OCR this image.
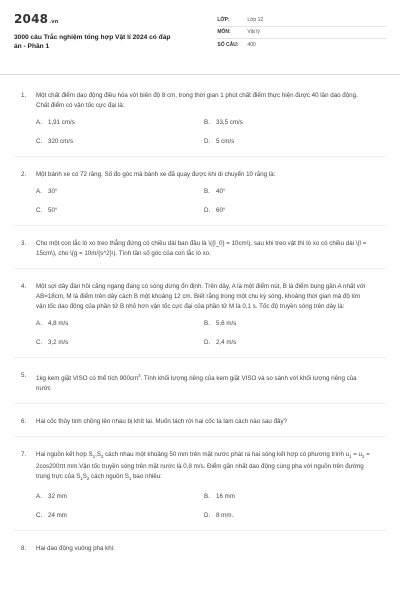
2048.vn
3000 câu Trắc nghiệm tổng hợp Vật lí 2024 có đáp án - Phần 1
LỚP:	Lớp 12
MÔN:	Vật lý
SỐ CÂU:	400
1.	Một chất điểm dao động điều hòa với biên độ 8 cm, trong thời gian 1 phút chất điểm thực hiện được 40 lần dao động. Chất điểm có vận tốc cực đại là:
A. 1,91 cm/s	B. 33,5 cm/s
C. 320 cm/s	D. 5 cm/s
2.	Một bánh xe có 72 răng. Số đo góc mà bánh xe đã quay được khi di chuyển 10 răng là:
A. 30°	B. 40°
C. 50°	D. 60°
3.	Cho một con lắc lò xo treo thẳng đứng có chiều dài ban đầu là \({l_0} = 10cm\), sau khi treo vật thì lò xo có chiều dài \(l = 15cm\), cho \(g = 10m/{s^2}\). Tính tần số góc của con lắc lò xo.
4.	Một sợi dây đàn hồi căng ngang đang có sóng dừng ổn định. Trên dây, A là một điểm nút, B là điểm bụng gần A nhất với AB=18cm, M là điểm trên dây cách B một khoảng 12 cm. Biết rằng trong một chu kỳ sóng, khoảng thời gian mà độ lớn vận tốc dao động của phần tử B nhỏ hơn vận tốc cực đại của phần tử M là 0,1 s. Tốc độ truyền sóng trên dây là:
A. 4,8 m/s	B. 5,6 m/s
C. 3,2 m/s	D. 2,4 m/s
5.	1kg kem giặt VISO có thể tích $900cm^3$. Tính khối lượng riêng của kem giặt VISO và so sánh với khối lượng riêng của nước
6.	Hai cốc thủy tinh chồng lên nhau bị khít lại. Muốn tách rời hai cốc ta làm cách nào sau đây?
7.	Hai nguồn kết hợp $S_1,S_2$ cách nhau một khoảng 50 mm trên mặt nước phát ra hai sóng kết hợp có phương trình $u_1 = u_2 = 2\cos 200\pi t$ mm.Vận tốc truyền sóng trên mặt nước là 0,8 m/s. Điểm gần nhất dao động cùng pha với nguồn trên đường trung trực của $S_1S_2$ cách nguồn $S_1$ bao nhiêu:
A. 32 mm	B. 16 mm
C. 24 mm	D. 8 mm.
8.	Hai dao động vuông pha khi:
